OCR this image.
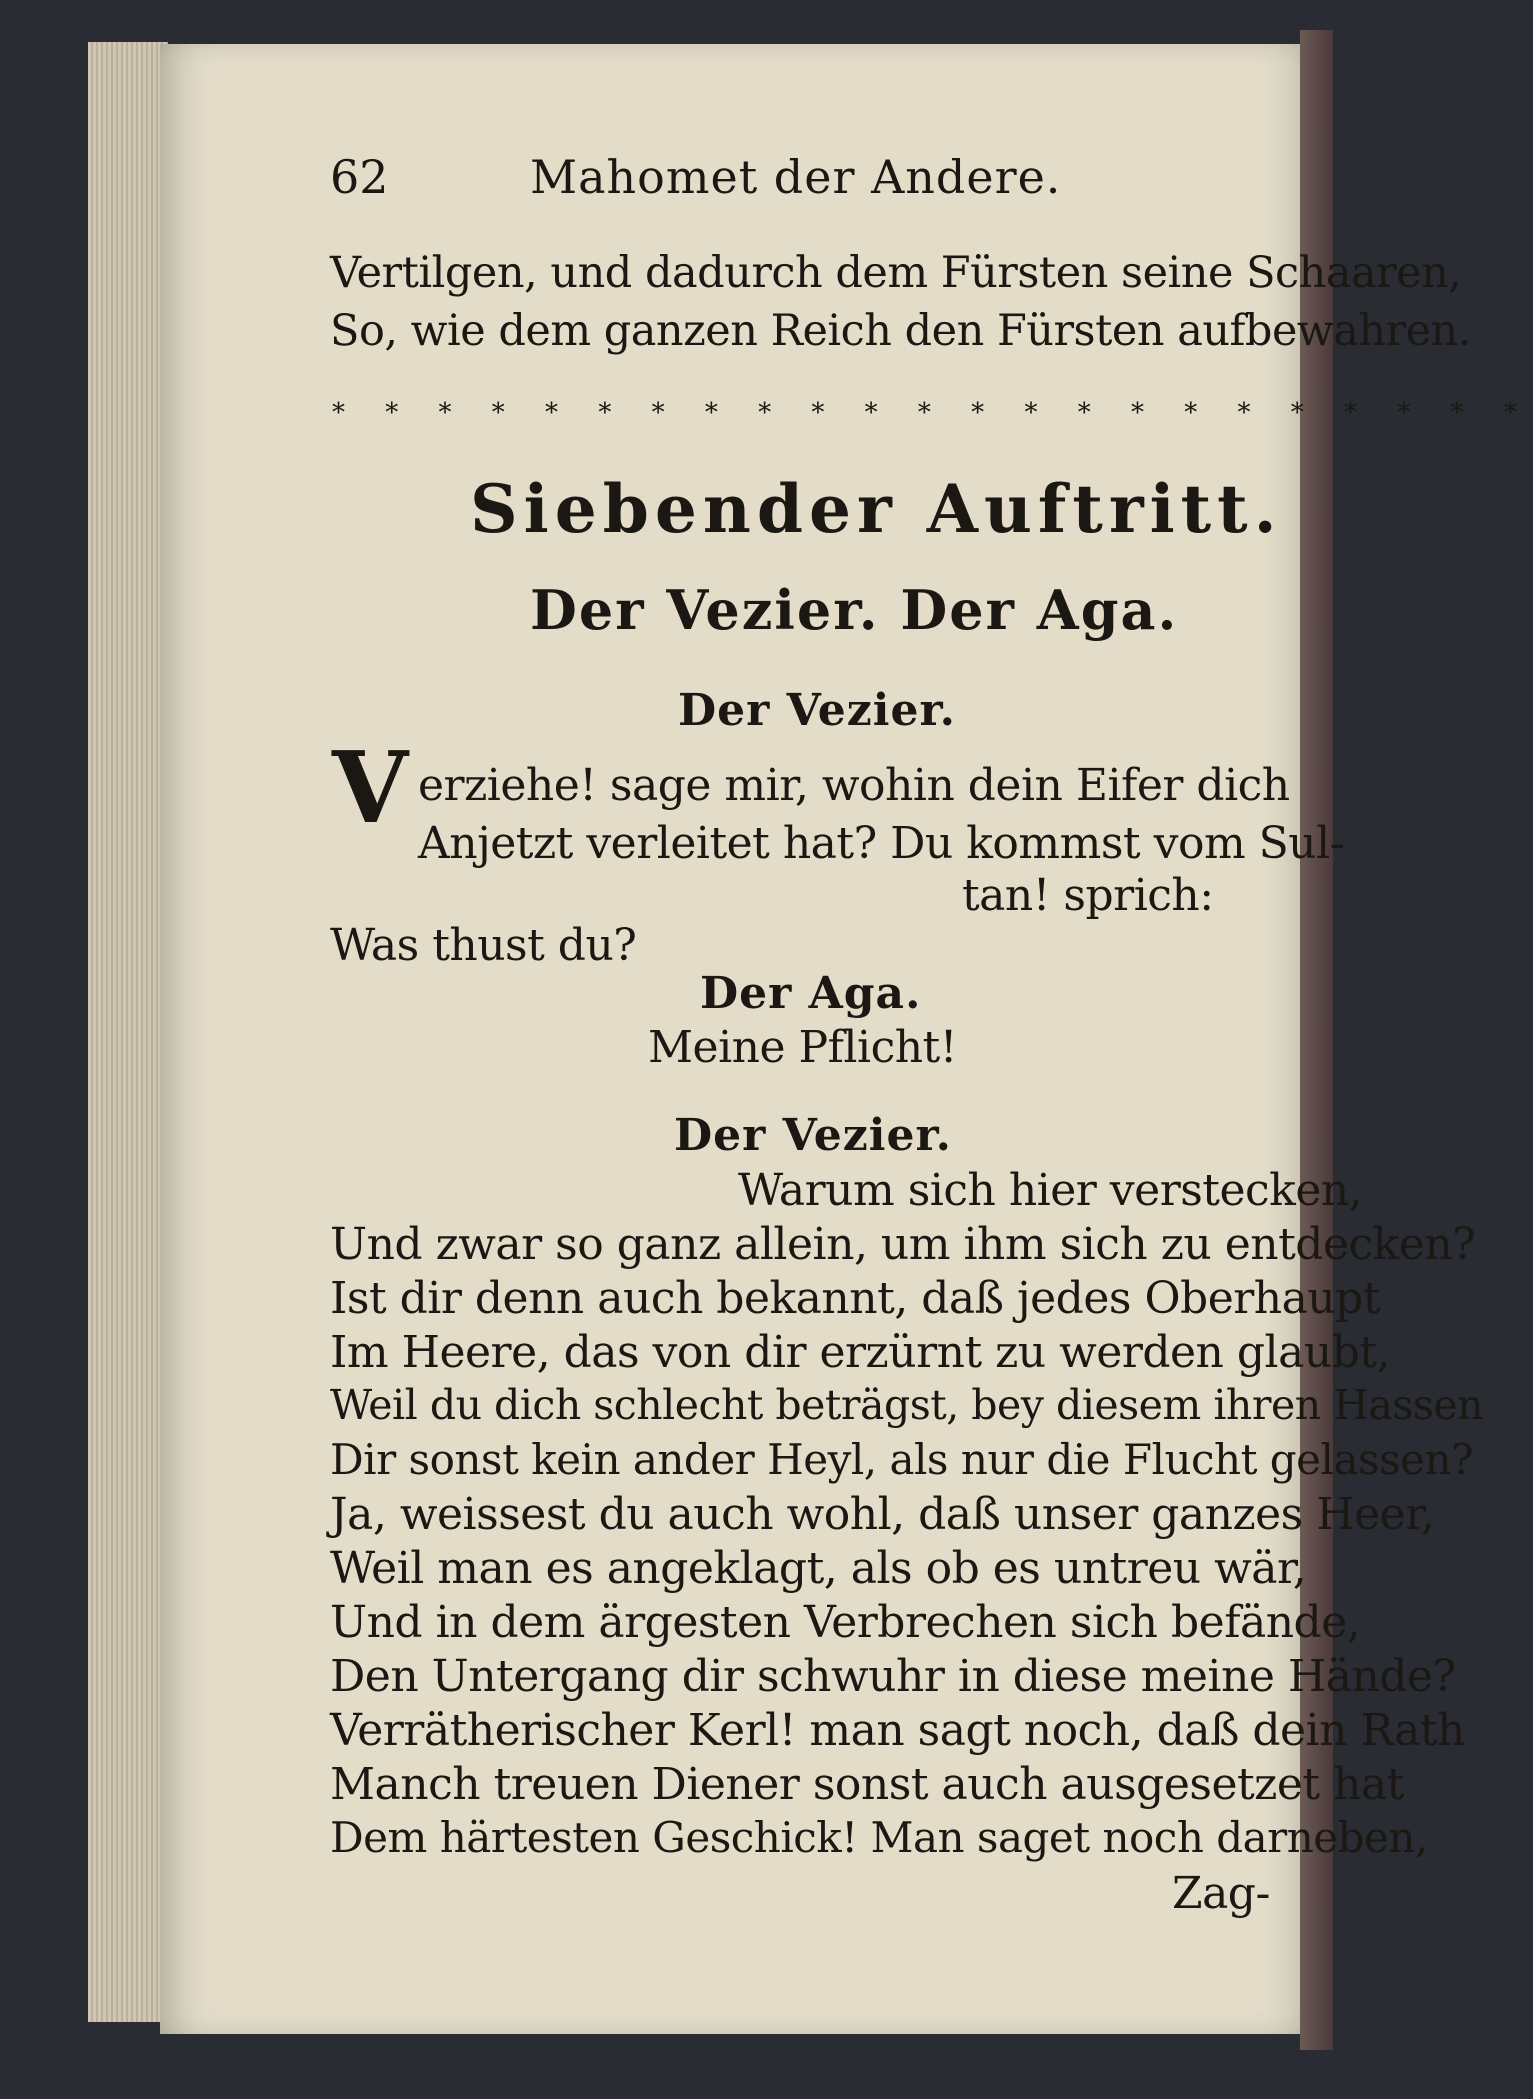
62	Mahomet der Andere.
Vertilgen, und dadurch dem Fürsten seine Schaaren,
So, wie dem ganzen Reich den Fürsten aufbewahren.
* * * * * * * * * * * * * * * * * * * * * * *
Siebender Auftritt.
Der Vezier. Der Aga.
Der Vezier.
V erziehe! sage mir, wohin dein Eifer dich
Anjetzt verleitet hat? Du kommst vom Sul-
tan! sprich:
Was thust du?
Der Aga.
Meine Pflicht!
Der Vezier.
Warum sich hier verstecken,
Und zwar so ganz allein, um ihm sich zu entdecken?
Ist dir denn auch bekannt, daß jedes Oberhaupt
Im Heere, das von dir erzürnt zu werden glaubt,
Weil du dich schlecht beträgst, bey diesem ihren Hassen
Dir sonst kein ander Heyl, als nur die Flucht gelassen?
Ja, weissest du auch wohl, daß unser ganzes Heer,
Weil man es angeklagt, als ob es untreu wär,
Und in dem ärgesten Verbrechen sich befände,
Den Untergang dir schwuhr in diese meine Hände?
Verrätherischer Kerl! man sagt noch, daß dein Rath
Manch treuen Diener sonst auch ausgesetzet hat
Dem härtesten Geschick! Man saget noch darneben,
Zag-
